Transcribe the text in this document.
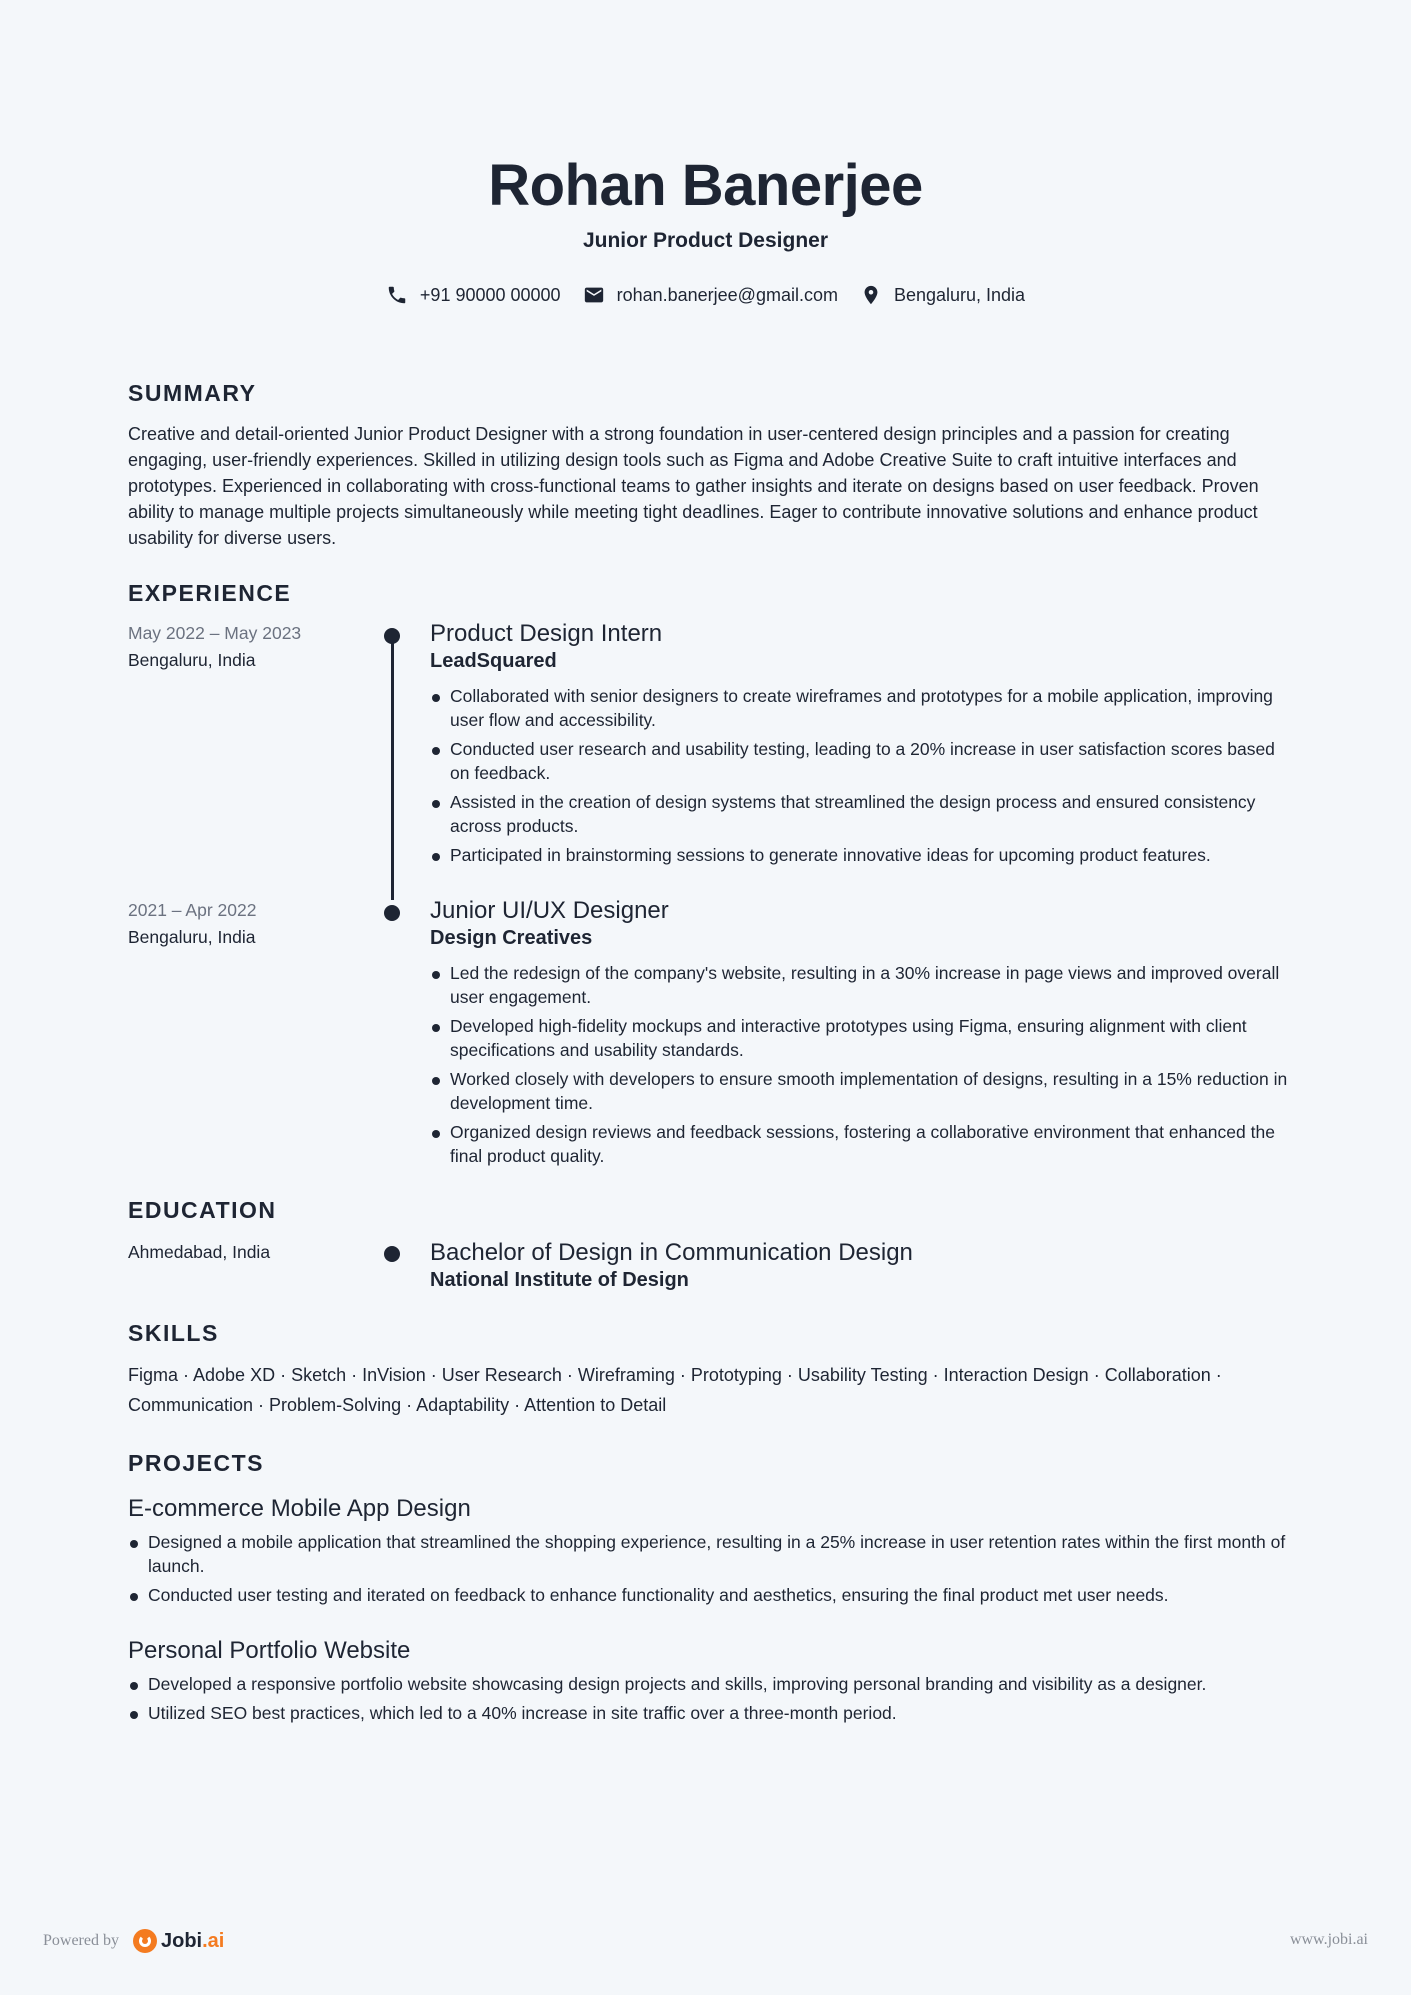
Rohan Banerjee
Junior Product Designer
+91 90000 00000	rohan.banerjee@gmail.com	Bengaluru, India
SUMMARY

Creative and detail-oriented Junior Product Designer with a strong foundation in user-centered design principles and a passion for creating engaging, user-friendly experiences. Skilled in utilizing design tools such as Figma and Adobe Creative Suite to craft intuitive interfaces and prototypes. Experienced in collaborating with cross-functional teams to gather insights and iterate on designs based on user feedback. Proven ability to manage multiple projects simultaneously while meeting tight deadlines. Eager to contribute innovative solutions and enhance product usability for diverse users.

EXPERIENCE
May 2022 – May 2023
Bengaluru, India
Product Design Intern
LeadSquared
Collaborated with senior designers to create wireframes and prototypes for a mobile application, improving user flow and accessibility.
Conducted user research and usability testing, leading to a 20% increase in user satisfaction scores based on feedback.
Assisted in the creation of design systems that streamlined the design process and ensured consistency across products.
Participated in brainstorming sessions to generate innovative ideas for upcoming product features.
2021 – Apr 2022
Bengaluru, India
Junior UI/UX Designer
Design Creatives
Led the redesign of the company's website, resulting in a 30% increase in page views and improved overall user engagement.
Developed high-fidelity mockups and interactive prototypes using Figma, ensuring alignment with client specifications and usability standards.
Worked closely with developers to ensure smooth implementation of designs, resulting in a 15% reduction in development time.
Organized design reviews and feedback sessions, fostering a collaborative environment that enhanced the final product quality.
EDUCATION
Ahmedabad, India	Bachelor of Design in Communication Design
National Institute of Design
SKILLS

Figma · Adobe XD · Sketch · InVision · User Research · Wireframing · Prototyping · Usability Testing · Interaction Design · Collaboration · Communication · Problem-Solving · Adaptability · Attention to Detail

PROJECTS
E-commerce Mobile App Design
Designed a mobile application that streamlined the shopping experience, resulting in a 25% increase in user retention rates within the first month of launch.
Conducted user testing and iterated on feedback to enhance functionality and aesthetics, ensuring the final product met user needs.
Personal Portfolio Website
Developed a responsive portfolio website showcasing design projects and skills, improving personal branding and visibility as a designer.
Utilized SEO best practices, which led to a 40% increase in site traffic over a three-month period.
Powered by Jobi .ai	www.jobi.ai
